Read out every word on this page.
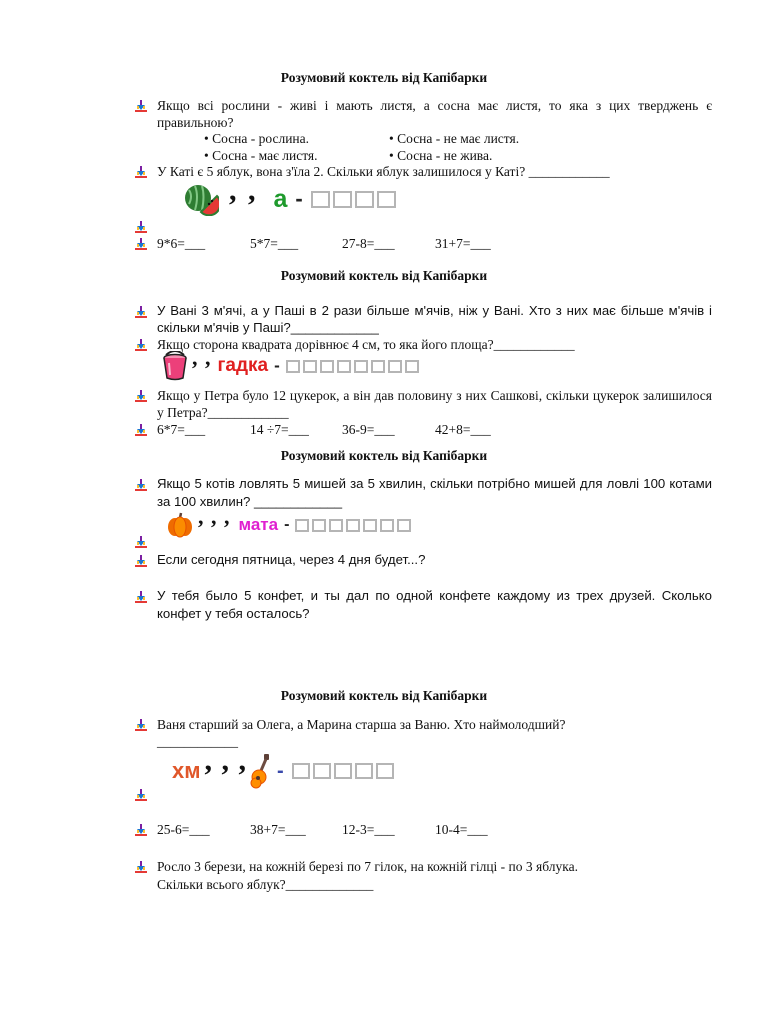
Розумовий коктель від Капібарки
Якщо всі рослини - живі і мають листя, а сосна має листя, то яка з цих тверджень є правильною?
• Сосна - рослина.	• Сосна - не має листя.
• Сосна - має листя.	• Сосна - не жива.
У Каті є 5 яблук, вона з'їла 2. Скільки яблук залишилося у Каті? ____________
, , а -
9*6=___	5*7=___	27-8=___	31+7=___
Розумовий коктель від Капібарки
У Вані 3 м'ячі, а у Паші в 2 рази більше м'ячів, ніж у Вані. Хто з них має більше м'ячів і скільки м'ячів у Паші?____________
Якщо сторона квадрата дорівнює 4 см, то яка його площа?____________
, , гадка -
Якщо у Петра було 12 цукерок, а він дав половину з них Сашкові, скільки цукерок залишилося у Петра?____________
6*7=___	14 ÷7=___ 36-9=___	42+8=___
Розумовий коктель від Капібарки
Якщо 5 котів ловлять 5 мишей за 5 хвилин, скільки потрібно мишей для ловлі 100 котами за 100 хвилин? ____________
, , , мата -
Если сегодня пятница, через 4 дня будет...?
У тебя было 5 конфет, и ты дал по одной конфете каждому из трех друзей. Сколько конфет у тебя осталось?
Розумовий коктель від Капібарки
Ваня старший за Олега, а Марина старша за Ваню. Хто наймолодший?
____________
хм , , , -
25-6=___	38+7=___	12-3=___	10-4=___
Росло 3 берези, на кожній березі по 7 гілок, на кожній гілці - по 3 яблука.
Скільки всього яблук?_____________
